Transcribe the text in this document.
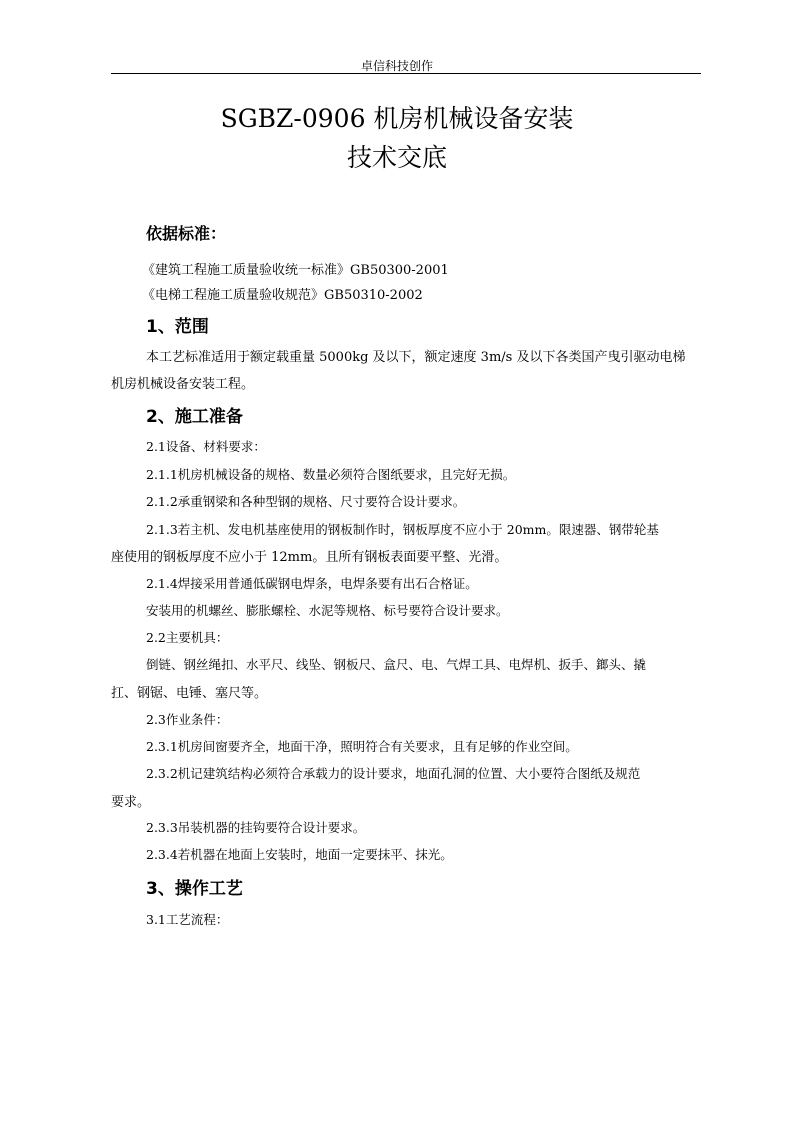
卓信科技创作
SGBZ-0906 机房机械设备安装
技术交底
依据标准：
《建筑工程施工质量验收统一标准》GB50300-2001
《电梯工程施工质量验收规范》GB50310-2002
1、范围
本工艺标准适用于额定载重量 5000kg 及以下，额定速度 3m/s 及以下各类国产曳引驱动电梯
机房机械设备安装工程。
2、施工准备
2.1设备、材料要求：
2.1.1机房机械设备的规格、数量必须符合图纸要求，且完好无损。
2.1.2承重钢梁和各种型钢的规格、尺寸要符合设计要求。
2.1.3若主机、发电机基座使用的钢板制作时，钢板厚度不应小于 20mm。限速器、钢带轮基
座使用的钢板厚度不应小于 12mm。且所有钢板表面要平整、光滑。
2.1.4焊接采用普通低碳钢电焊条，电焊条要有出石合格证。
安装用的机螺丝、膨胀螺栓、水泥等规格、标号要符合设计要求。
2.2主要机具：
倒链、钢丝绳扣、水平尺、线坠、钢板尺、盒尺、电、气焊工具、电焊机、扳手、鎯头、撬
扛、钢锯、电锤、塞尺等。
2.3作业条件：
2.3.1机房间窗要齐全，地面干净，照明符合有关要求，且有足够的作业空间。
2.3.2机记建筑结构必须符合承载力的设计要求，地面孔洞的位置、大小要符合图纸及规范
要求。
2.3.3吊装机器的挂钩要符合设计要求。
2.3.4若机器在地面上安装时，地面一定要抹平、抹光。
3、操作工艺
3.1工艺流程：
